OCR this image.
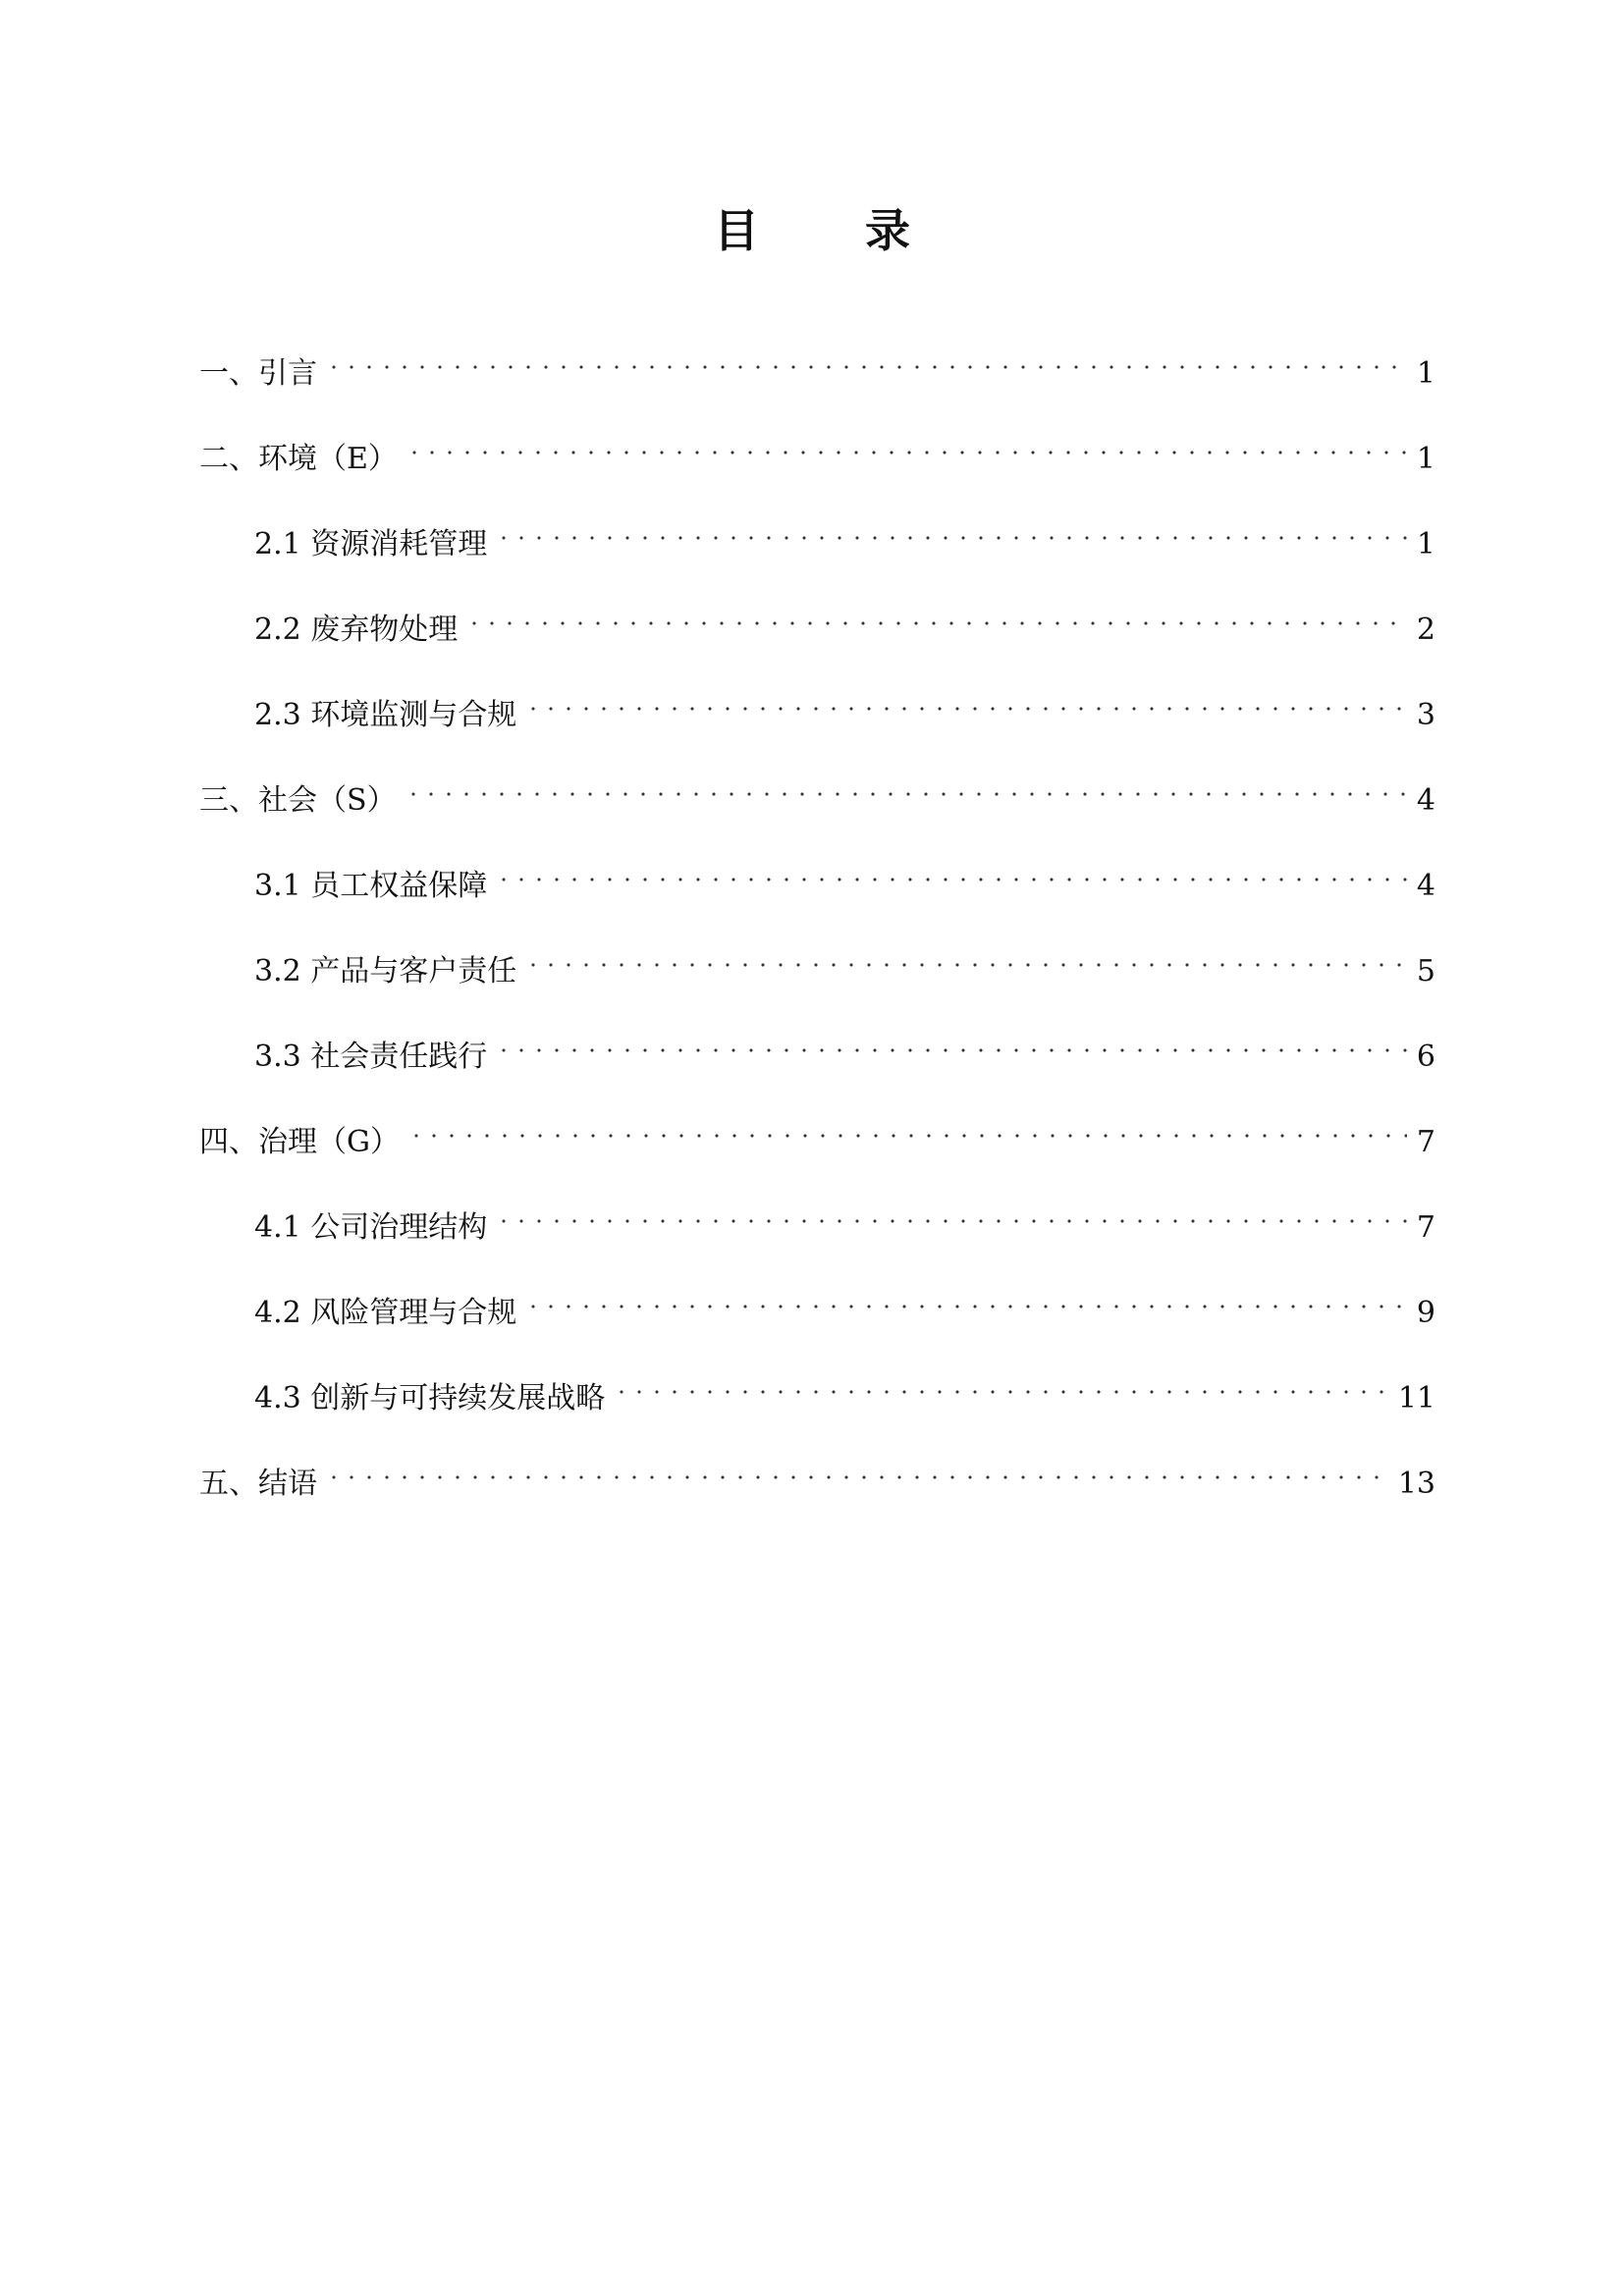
目 录
一、引言	1
二、环境（E）	1
2.1 资源消耗管理	1
2.2 废弃物处理	2
2.3 环境监测与合规	3
三、社会（S）	4
3.1 员工权益保障	4
3.2 产品与客户责任	5
3.3 社会责任践行	6
四、治理（G）	7
4.1 公司治理结构	7
4.2 风险管理与合规	9
4.3 创新与可持续发展战略	11
五、结语	13
